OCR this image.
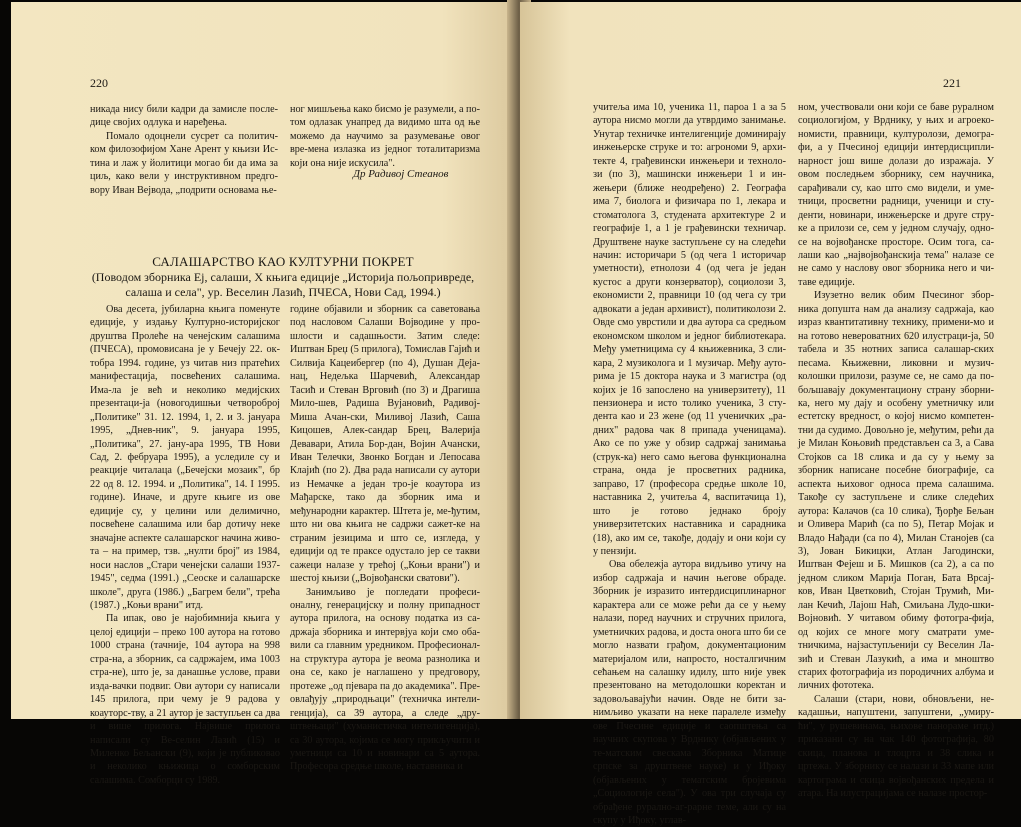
220

никада нису били кадри да замисле после-дице својих одлука и наређења.

Помало одоцнели сусрет са политич-ком филозофијом Хане Арент у књизи Ис-тина и лаж у йолитици могао би да има за циљ, како вели у инструктивном предго-вору Иван Вејвода, „подрити основама ње-

ног мишљења како бисмо је разумели, а по-том одлазак унапред да видимо шта од ње можемо да научимо за разумевање овог вре-мена излазка из једног тоталитаризма који она није искусила".

Др Радивој Стеанов
САЛАШАРСТВО КАО КУЛТУРНИ ПОКРЕТ
(Поводом зборника Ej, салаши, X књига едиције „Историја пољопривреде,
салаша и села", ур. Веселин Лазић, ПЧЕСА, Нови Сад, 1994.)

Ова десета, јубиларна књига поменуте едиције, у издању Културно-историјског друштва Пролеће на ченејским салашима (ПЧЕСА), промовисана је у Бечеју 22. ок-тобра 1994. године, уз читав низ пратећих манифестација, посвећених салашима. Има-ла је већ и неколико медијских презентаци-ја (новогодишњи четвороброј „Политике" 31. 12. 1994, 1, 2. и 3. јануара 1995, „Днев-ник", 9. јануара 1995, „Политика", 27. јану-ара 1995, ТВ Нови Сад, 2. фебруара 1995), а уследиле су и реакције читалаца („Бечејски мозаик", бр 22 од 8. 12. 1994. и „Политика", 14. I 1995. године). Иначе, и друге књиге из ове едиције су, у целини или делимично, посвећене салашима или бар дотичу неке значајне аспекте салашарског начина живо-та – на пример, тзв. „нулти број" из 1984, носи наслов „Стари ченејски салаши 1937-1945", седма (1991.) „Сеоске и салашарске школе", друга (1986.) „Багрем бели", трећа (1987.) „Коњи врани" итд.

Па ипак, ово је најобимнија књига у целој едицији – преко 100 аутора на готово 1000 страна (тачније, 104 аутора на 998 стра-на, а зборник, са садржајем, има 1003 стра-не), што је, за данашње услове, прави изда-вачки подвиг. Ови аутори су написали 145 прилога, при чему је 9 радова у коауторс-тву, а 21 аутор је заступљен са два и више прилога. Највише прилога написали су Ве-селин Лазић (15) и Миленко Бељански (9), који је публиковао и неколико књижица о сомборским салашима. Сомборци су 1989.

године објавили и зборник са саветовања под насловом Салаши Војводине у про-шлости и садашњости. Затим следе: Иштван Бреџ (5 прилога), Томислав Гајић и Силвија Кацеибергер (по 4), Душан Деја-нац, Недељка Шарчевић, Александар Тасић и Стеван Врговић (по 3) и Драгиша Мило-шев, Радиша Вујановић, Радивој-Миша Ачан-ски, Миливој Лазић, Саша Кицошев, Алек-сандар Брец, Валерија Девавари, Атила Бор-дан, Војин Ачански, Иван Телечки, Звонко Богдан и Лепосава Клајић (по 2). Два рада написали су аутори из Немачке а један тро-је коаутора из Мађарске, тако да зборник има и међународни карактер. Штета је, ме-ђутим, што ни ова књига не садржи сажет-ке на страним језицима и што се, изгледа, у едицији од те праксе одустало јер се такви сажеци налазе у трећој („Коњи врани") и шестој књизи („Војвођански сватови").

Занимљиво је погледати професи-оналну, генерацијску и полну припадност аутора прилога, на основу податка из са-држаја зборника и интервјуа који смо оба-вили са главним уредником. Професионал-на структура аутора је веома разнолика и она се, како је наглашено у предговору, протеже „од пјевара па до академика". Пре-овлађују „природњаци" (техничка интели-генција), са 39 аутора, а следе „дру-штвењаци" (хуманистичка интелигенција), са 30 аутора, којима се могу прикључити и уметници са 10 и новинари са 5 аутора. Професора средње школе, наставника и

221

учитеља има 10, ученика 11, пароа 1 а за 5 аутора нисмо могли да утврдимо занимање. Унутар техничке интелигенције доминирају инжењерске струке и то: агрономи 9, архи-текте 4, грађевински инжењери и техноло-зи (по 3), машински инжењери 1 и ин-жењери (ближе неодређено) 2. Географа има 7, биолога и физичара по 1, лекара и стоматолога 3, студената архитектуре 2 и географије 1, а 1 је грађевински техничар. Друштвене науке заступљене су на следећи начин: историчари 5 (од чега 1 историчар уметности), етнолози 4 (од чега је један кустос а други конзерватор), социолози 3, економисти 2, правници 10 (од чега су три адвокати а један архивист), политиколози 2. Овде смо уврстили и два аутора са средњом економском школом и једног библиотекара. Међу уметницима су 4 књижевника, 3 сли-кара, 2 музиколога и 1 музичар. Међу ауто-рима је 15 доктора наука и 3 магистра (од којих је 16 запослено на универзитету), 11 пензионера и исто толико ученика, 3 сту-дента као и 23 жене (од 11 ученичких „ра-дних" радова чак 8 припада ученицама). Ако се по уже у обзир садржај занимања (струк-ка) него само његова функционална страна, онда је просветних радника, заправо, 17 (професора средње школе 10, наставника 2, учитеља 4, васпитачица 1), што је готово једнако броју универзитетских наставника и сарадника (18), ако им се, такође, додају и они који су у пензији.

Ова обележја аутора видљиво утичу на избор садржаја и начин његове обраде. Зборник је изразито интердисциплинарног карактера али се може рећи да се у њему налази, поред научних и стручних прилога, уметничких радова, и доста онога што би се могло назвати грађом, документационим материјалом или, напросто, носталгичним сећањем на салашку идилу, што није увек презентовано на методолошки коректан и задовољавајући начин. Овде не бити за-нимљиво указати на неке паралеле између ове Пчесине едиције и саопштења са научних скупова у Врднику (објављених у те-матским свескама Зборника Матице српске за друштвене науке) и у Иђоку (објављених у тематским бројевима „Социологије села"). У ова три случаја су обрађене рурално-аг-рарне теме, али су на скупу у Иђоку, углав-

ном, учествовали они који се баве руралном социологијом, у Врднику, у њих и агроеко-номисти, правници, културолози, демогра-фи, а у Пчесиној едицији интердисципли-нарност још више долази до изражаја. У овом последњем зборнику, сем научника, сарађивали су, као што смо видели, и уме-тници, просветни радници, ученици и сту-денти, новинари, инжењерске и друге стру-ке а прилози се, сем у једном случају, одно-се на војвођанске просторе. Осим тога, са-лаши као „највојвођанскија тема" налазе се не само у наслову овог зборника него и чи-таве едиције.

Изузетно велик обим Пчесиног збор-ника допушта нам да анализу садржаја, као израз квантитативну технику, примени-мо и на готово невероватних 620 илустраци-ја, 50 табела и 35 нотних записа салашар-ских песама. Књижевни, ликовни и музич-колошки прилози, разуме се, не само да по-бољшавају документациону страну зборни-ка, него му дају и особену уметничку или естетску вредност, о којој нисмо компетен-тни да судимо. Довољно је, међутим, рећи да је Милан Коњовић представљен са 3, а Сава Стојков са 18 слика и да су у њему за зборник написане посебне биографије, са аспекта њиховог односа према салашима. Такође су заступљене и слике следећих аутора: Калачов (са 10 слика), Ђорђе Бељан и Оливера Марић (са по 5), Петар Мојак и Владо Нађади (са по 4), Милан Станојев (са 3), Јован Бикицки, Атлан Јагодински, Иштван Фејеш и Б. Мишков (са 2), а са по једном сликом Марија Поган, Бата Врсај-ков, Иван Цветковић, Стојан Трумић, Ми-лан Кечић, Лајош Наћ, Смиљана Лудо-шки-Војновић. У читавом обиму фотогра-фија, од којих се многе могу сматрати уме-тничкима, најзаступљенији су Веселин Ла-зић и Стеван Лазукић, а има и мноштво старих фотографија из породичних албума и личних фототека.

Салаши (стари, нови, обновљени, не-кадашњи, напуштени, запуштени, „умиру-ћи", у рушевинама, њихове панораме итд.) приказани су на чак 140 фотографија, 80 скица, планова и тлоцрта и 38 слика и цртежа. У зборнику се налази и 33 мапе или картограма и скица војвођанских предела и атара. На илустрацијама се налазе простор-
